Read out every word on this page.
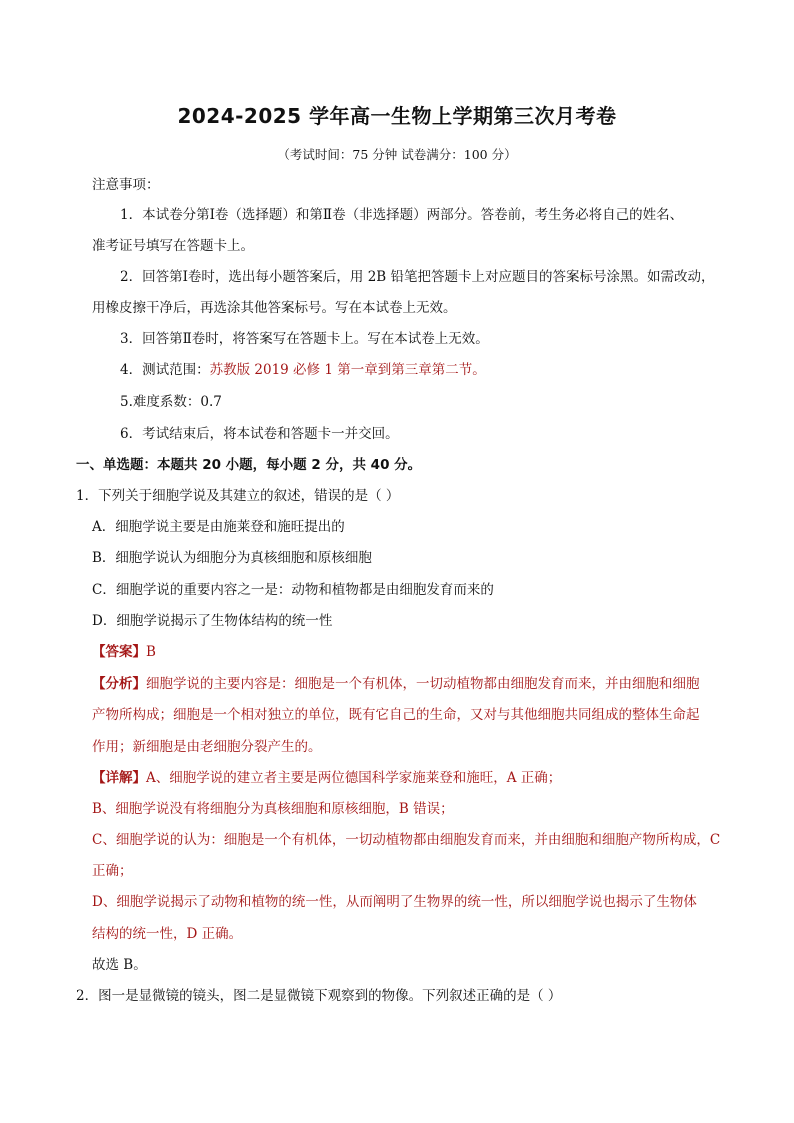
2024-2025 学年高一生物上学期第三次月考卷
（考试时间：75 分钟 试卷满分：100 分）
注意事项：
1．本试卷分第Ⅰ卷（选择题）和第Ⅱ卷（非选择题）两部分。答卷前，考生务必将自己的姓名、
准考证号填写在答题卡上。
2．回答第Ⅰ卷时，选出每小题答案后，用 2B 铅笔把答题卡上对应题目的答案标号涂黑。如需改动，
用橡皮擦干净后，再选涂其他答案标号。写在本试卷上无效。
3．回答第Ⅱ卷时，将答案写在答题卡上。写在本试卷上无效。
4．测试范围：苏教版 2019 必修 1 第一章到第三章第二节。
5.难度系数：0.7
6．考试结束后，将本试卷和答题卡一并交回。
一、单选题：本题共 20 小题，每小题 2 分，共 40 分。
1．下列关于细胞学说及其建立的叙述，错误的是（ ）
A．细胞学说主要是由施莱登和施旺提出的
B．细胞学说认为细胞分为真核细胞和原核细胞
C．细胞学说的重要内容之一是：动物和植物都是由细胞发育而来的
D．细胞学说揭示了生物体结构的统一性
【答案】B
【分析】细胞学说的主要内容是：细胞是一个有机体，一切动植物都由细胞发育而来，并由细胞和细胞
产物所构成；细胞是一个相对独立的单位，既有它自己的生命，又对与其他细胞共同组成的整体生命起
作用；新细胞是由老细胞分裂产生的。
【详解】A、细胞学说的建立者主要是两位德国科学家施莱登和施旺，A 正确；
B、细胞学说没有将细胞分为真核细胞和原核细胞，B 错误；
C、细胞学说的认为：细胞是一个有机体，一切动植物都由细胞发育而来，并由细胞和细胞产物所构成，C
正确；
D、细胞学说揭示了动物和植物的统一性，从而阐明了生物界的统一性，所以细胞学说也揭示了生物体
结构的统一性，D 正确。
故选 B。
2．图一是显微镜的镜头，图二是显微镜下观察到的物像。下列叙述正确的是（ ）
